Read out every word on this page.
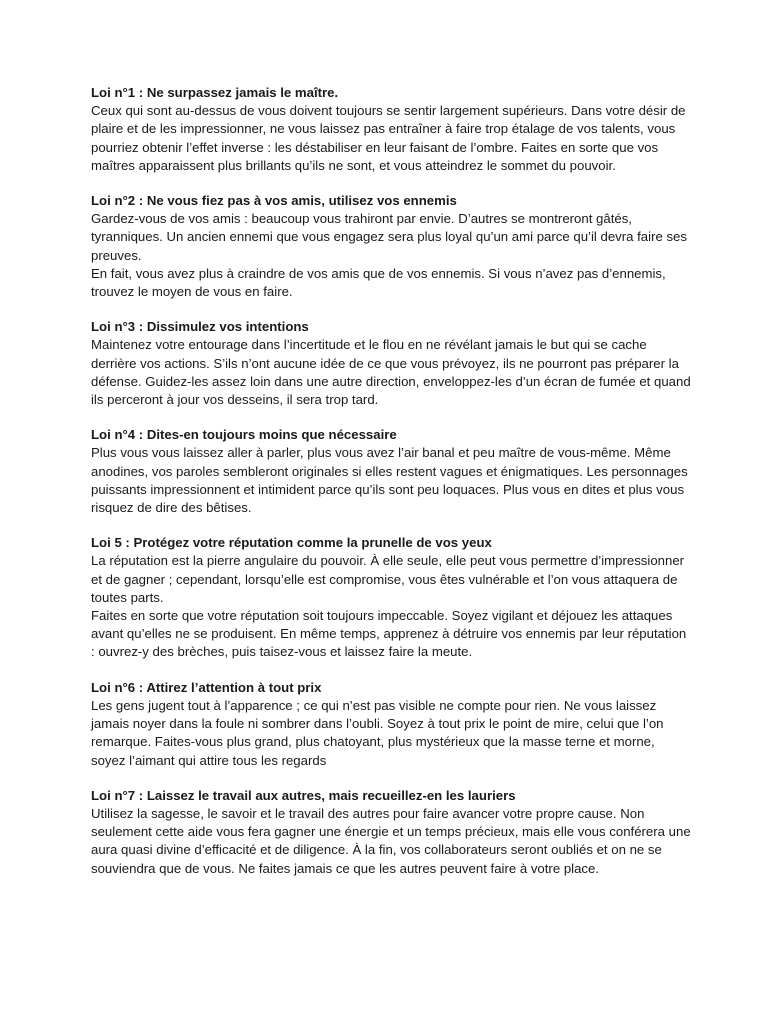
Loi n°1 : Ne surpassez jamais le maître.

Ceux qui sont au-dessus de vous doivent toujours se sentir largement supérieurs. Dans votre désir de plaire et de les impressionner, ne vous laissez pas entraîner à faire trop étalage de vos talents, vous pourriez obtenir l’effet inverse : les déstabiliser en leur faisant de l’ombre. Faites en sorte que vos maîtres apparaissent plus brillants qu’ils ne sont, et vous atteindrez le sommet du pouvoir.

Loi n°2 : Ne vous fiez pas à vos amis, utilisez vos ennemis

Gardez-vous de vos amis : beaucoup vous trahiront par envie. D’autres se montreront gâtés, tyranniques. Un ancien ennemi que vous engagez sera plus loyal qu’un ami parce qu’il devra faire ses preuves.

En fait, vous avez plus à craindre de vos amis que de vos ennemis. Si vous n’avez pas d’ennemis, trouvez le moyen de vous en faire.

Loi n°3 : Dissimulez vos intentions

Maintenez votre entourage dans l’incertitude et le flou en ne révélant jamais le but qui se cache derrière vos actions. S’ils n’ont aucune idée de ce que vous prévoyez, ils ne pourront pas préparer la défense. Guidez-les assez loin dans une autre direction, enveloppez-les d’un écran de fumée et quand ils perceront à jour vos desseins, il sera trop tard.

Loi n°4 : Dites-en toujours moins que nécessaire

Plus vous vous laissez aller à parler, plus vous avez l’air banal et peu maître de vous-même. Même anodines, vos paroles sembleront originales si elles restent vagues et énigmatiques. Les personnages puissants impressionnent et intimident parce qu’ils sont peu loquaces. Plus vous en dites et plus vous risquez de dire des bêtises.

Loi 5 : Protégez votre réputation comme la prunelle de vos yeux

La réputation est la pierre angulaire du pouvoir. À elle seule, elle peut vous permettre d’impressionner et de gagner ; cependant, lorsqu’elle est compromise, vous êtes vulnérable et l’on vous attaquera de toutes parts.

Faites en sorte que votre réputation soit toujours impeccable. Soyez vigilant et déjouez les attaques avant qu’elles ne se produisent. En même temps, apprenez à détruire vos ennemis par leur réputation : ouvrez-y des brèches, puis taisez-vous et laissez faire la meute.

Loi n°6 : Attirez l’attention à tout prix

Les gens jugent tout à l’apparence ; ce qui n’est pas visible ne compte pour rien. Ne vous laissez jamais noyer dans la foule ni sombrer dans l’oubli. Soyez à tout prix le point de mire, celui que l’on remarque. Faites-vous plus grand, plus chatoyant, plus mystérieux que la masse terne et morne, soyez l’aimant qui attire tous les regards

Loi n°7 : Laissez le travail aux autres, mais recueillez-en les lauriers

Utilisez la sagesse, le savoir et le travail des autres pour faire avancer votre propre cause. Non seulement cette aide vous fera gagner une énergie et un temps précieux, mais elle vous conférera une aura quasi divine d’efficacité et de diligence. À la fin, vos collaborateurs seront oubliés et on ne se souviendra que de vous. Ne faites jamais ce que les autres peuvent faire à votre place.
